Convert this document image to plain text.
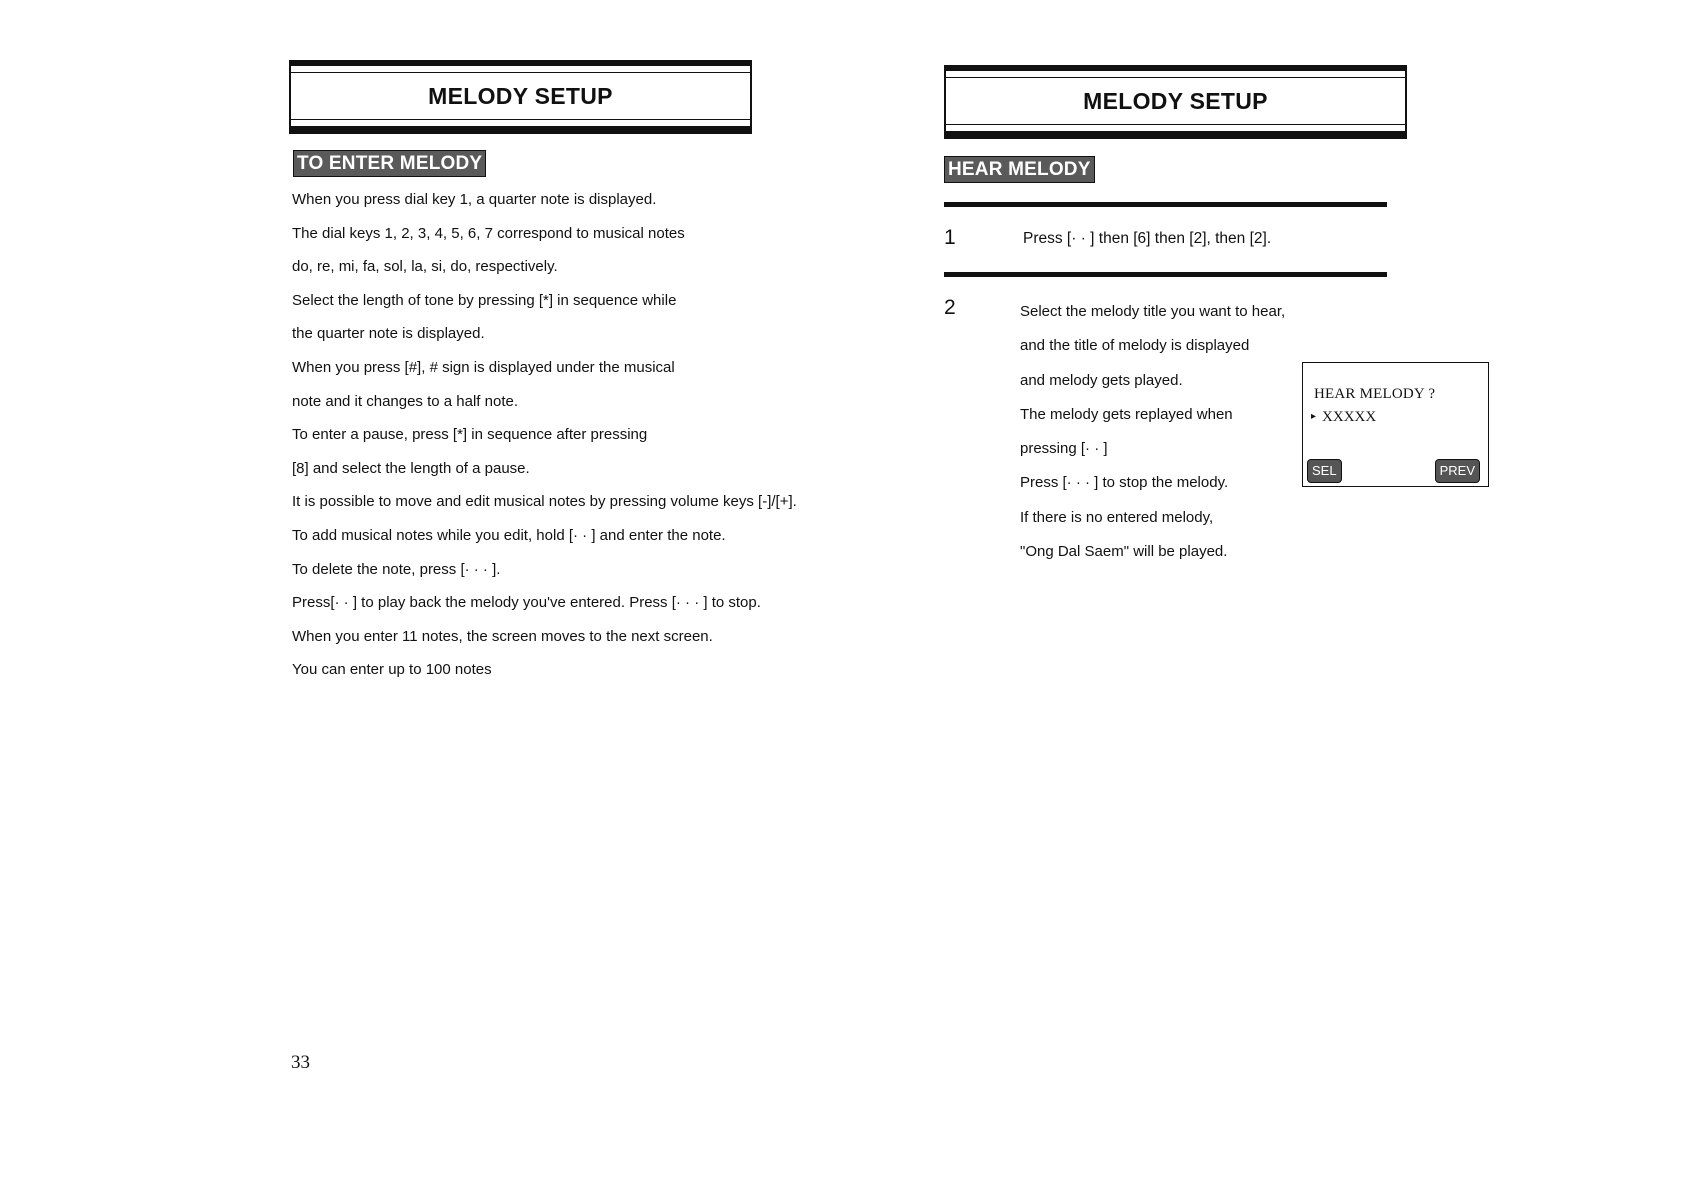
MELODY SETUP
TO ENTER MELODY
When you press dial key 1, a quarter note is displayed.
The dial keys 1, 2, 3, 4, 5, 6, 7 correspond to musical notes
do, re, mi, fa, sol, la, si, do, respectively.
Select the length of tone by pressing [*] in sequence while
the quarter note is displayed.
When you press [#], # sign is displayed under the musical
note and it changes to a half note.
To enter a pause, press [*] in sequence after pressing
[8] and select the length of a pause.
It is possible to move and edit musical notes by pressing volume keys [-]/[+].
To add musical notes while you edit, hold [· · ] and enter the note.
To delete the note, press [· · · ].
Press[· · ] to play back the melody you've entered. Press [· · · ] to stop.
When you enter 11 notes, the screen moves to the next screen.
You can enter up to 100 notes
33
MELODY SETUP
HEAR MELODY
1	Press [· · ] then [6] then [2], then [2].
2	Select the melody title you want to hear,
and the title of melody is displayed
and melody gets played.
The melody gets replayed when
pressing [· · ]
Press [· · · ] to stop the melody.
If there is no entered melody,
"Ong Dal Saem" will be played.
HEAR MELODY ?
▸ XXXXX
SEL	PREV
